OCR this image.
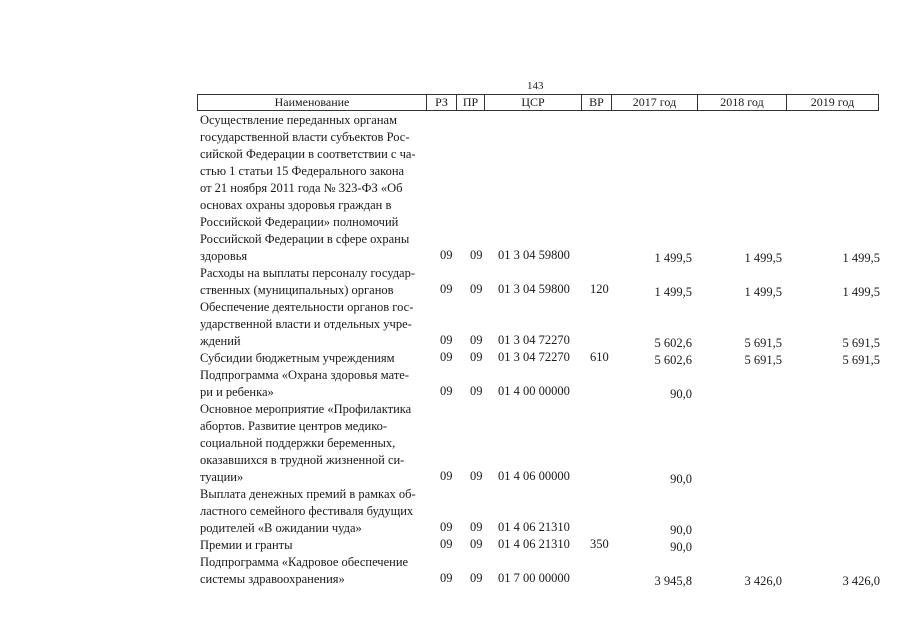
143
Наименование	РЗ	ПР	ЦСР	ВР	2017 год	2018 год	2019 год
Осуществление переданных органам
государственной власти субъектов Рос-
сийской Федерации в соответствии с ча-
стью 1 статьи 15 Федерального закона
от 21 ноября 2011 года № 323-ФЗ «Об
основах охраны здоровья граждан в
Российской Федерации» полномочий
Российской Федерации в сфере охраны
здоровья	09 09 01 3 04 59800	1 499,5	1 499,5	1 499,5
Расходы на выплаты персоналу государ-
ственных (муниципальных) органов	09 09 01 3 04 59800 120	1 499,5	1 499,5	1 499,5
Обеспечение деятельности органов гос-
ударственной власти и отдельных учре-
ждений	09 09 01 3 04 72270	5 602,6	5 691,5	5 691,5
Субсидии бюджетным учреждениям	09 09 01 3 04 72270 610	5 602,6	5 691,5	5 691,5
Подпрограмма «Охрана здоровья мате-
ри и ребенка»	09 09 01 4 00 00000	90,0
Основное мероприятие «Профилактика
абортов. Развитие центров медико-
социальной поддержки беременных,
оказавшихся в трудной жизненной си-
туации»	09 09 01 4 06 00000	90,0
Выплата денежных премий в рамках об-
ластного семейного фестиваля будущих
родителей «В ожидании чуда»	09 09 01 4 06 21310	90,0
Премии и гранты	09 09 01 4 06 21310 350	90,0
Подпрограмма «Кадровое обеспечение
системы здравоохранения»	09 09 01 7 00 00000	3 945,8	3 426,0	3 426,0
